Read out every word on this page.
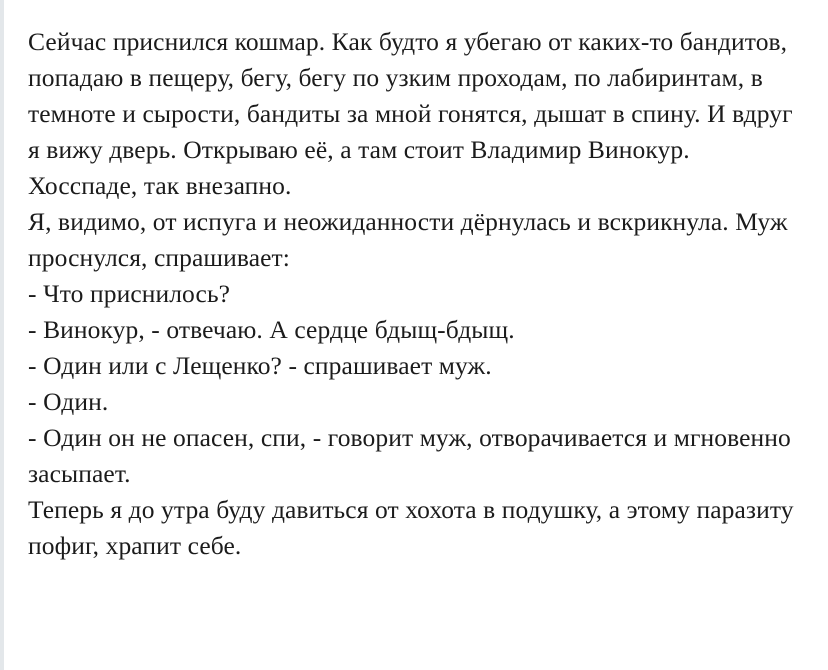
Сейчас приснился кошмар. Как будто я убегаю от каких-то бандитов, попадаю в пещеру, бегу, бегу по узким проходам, по лабиринтам, в темноте и сырости, бандиты за мной гонятся, дышат в спину. И вдруг я вижу дверь. Открываю её, а там стоит Владимир Винокур. Хосспаде, так внезапно.

Я, видимо, от испуга и неожиданности дёрнулась и вскрикнула. Муж проснулся, спрашивает:

- Что приснилось?

- Винокур, - отвечаю. А сердце бдыщ-бдыщ.

- Один или с Лещенко? - спрашивает муж.

- Один.

- Один он не опасен, спи, - говорит муж, отворачивается и мгновенно засыпает.

Теперь я до утра буду давиться от хохота в подушку, а этому паразиту пофиг, храпит себе.
